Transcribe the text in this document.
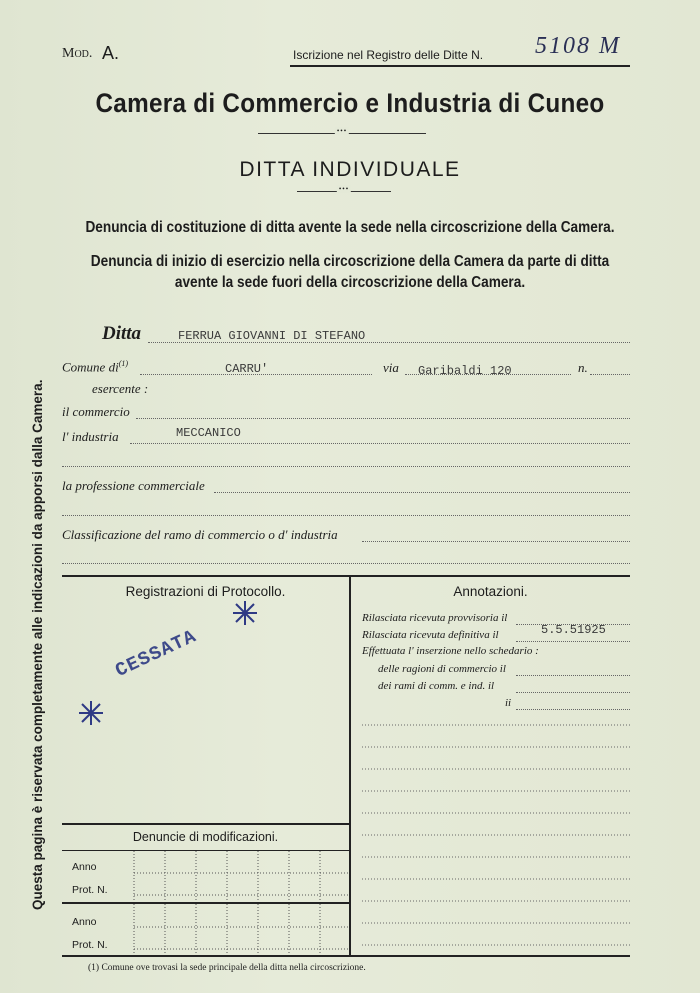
Mod. A.	Iscrizione nel Registro delle Ditte N. 5108 M
Camera di Commercio e Industria di Cuneo
•••
DITTA INDIVIDUALE
•••
Denuncia di costituzione di ditta avente la sede nella circoscrizione della Camera.
Denuncia di inizio di esercizio nella circoscrizione della Camera da parte di ditta
avente la sede fuori della circoscrizione della Camera.
Questa pagina è riservata completamente alle indicazioni da apporsi dalla Camera.
Ditta	FERRUA GIOVANNI DI STEFANO
Comune $di^{(1)}$	CARRU'	via Garibaldi 120	n.
esercente :
il commercio
l' industria	MECCANICO
la professione commerciale
Classificazione del ramo di commercio o d' industria
Registrazioni di Protocollo.
CESSATA
Denuncie di modificazioni.
Anno
Prot. N.
Anno
Prot. N.
Annotazioni.
Rilasciata ricevuta provvisoria il
Rilasciata ricevuta definitiva il	5.5.51925
Effettuata l' inserzione nello schedario :
delle ragioni di commercio il
dei rami di comm. e ind. il
ii
(1) Comune ove trovasi la sede principale della ditta nella circoscrizione.
